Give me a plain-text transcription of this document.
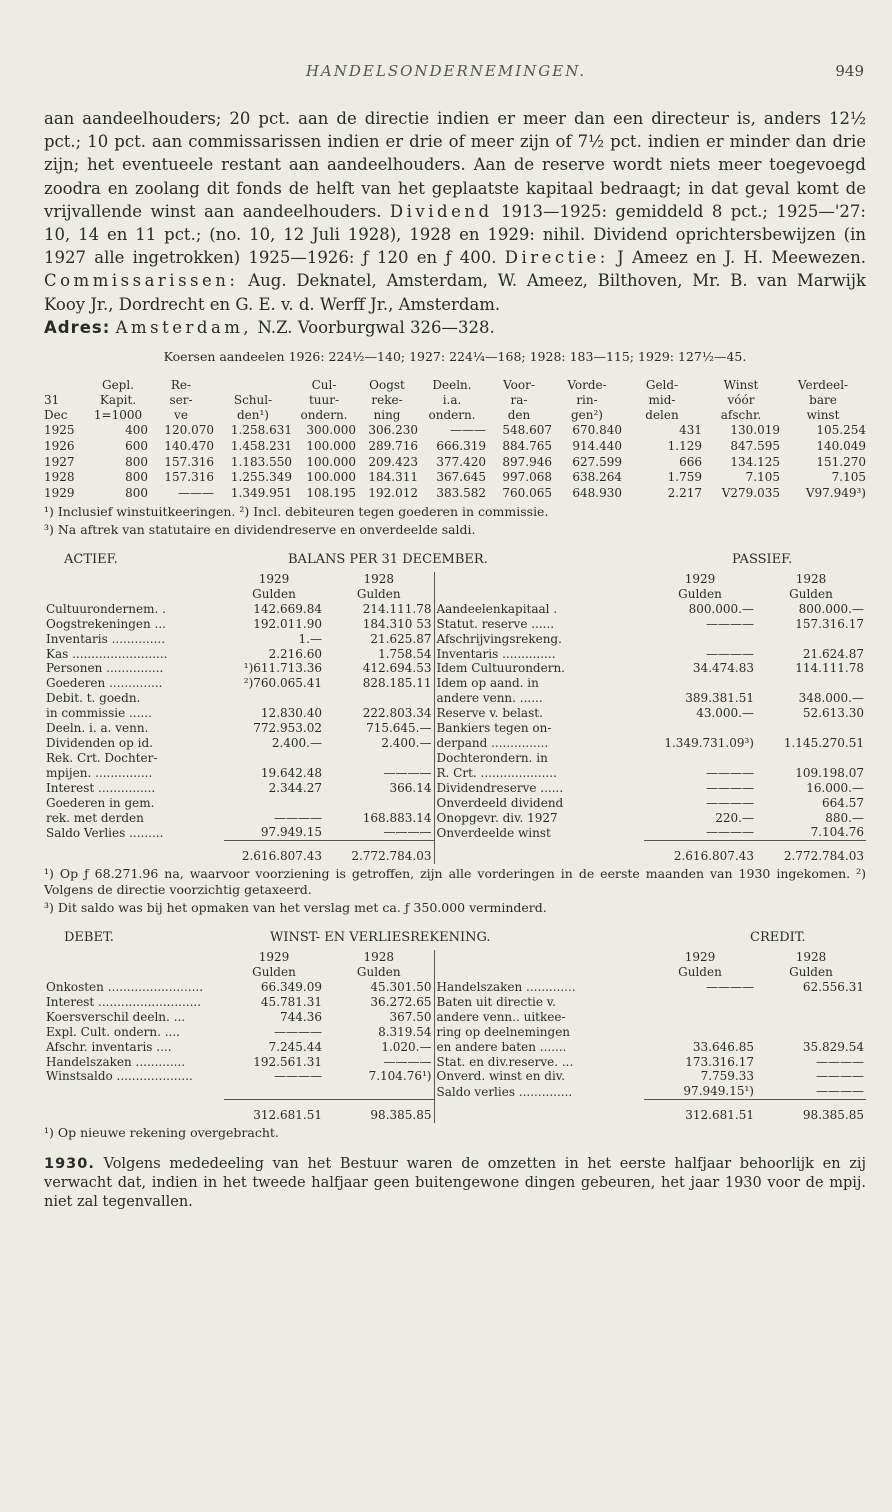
HANDELSONDERNEMINGEN.	949

aan aandeelhouders; 20 pct. aan de directie indien er meer dan een directeur is, anders 12½ pct.; 10 pct. aan commissarissen indien er drie of meer zijn of 7½ pct. indien er minder dan drie zijn; het eventueele restant aan aandeelhouders. Aan de reserve wordt niets meer toegevoegd zoodra en zoolang dit fonds de helft van het geplaatste kapitaal bedraagt; in dat geval komt de vrijvallende winst aan aandeelhouders. Dividend 1913—1925: gemiddeld 8 pct.; 1925—'27: 10, 14 en 11 pct.; (no. 10, 12 Juli 1928), 1928 en 1929: nihil. Dividend oprichtersbewijzen (in 1927 alle ingetrokken) 1925—1926: ƒ 120 en ƒ 400. Directie: J Ameez en J. H. Meewezen. Commissarissen: Aug. Deknatel, Amsterdam, W. Ameez, Bilthoven, Mr. B. van Marwijk Kooy Jr., Dordrecht en G. E. v. d. Werff Jr., Amsterdam.
Adres: Amsterdam, N.Z. Voorburgwal 326—328.

Koersen aandeelen 1926: 224½—140; 1927: 224¼—168; 1928: 183—115; 1929: 127½—45.

	Gepl.	Re-		Cul-	Oogst	Deeln.	Voor-	Vorde-	Geld-	Winst	Verdeel-
31	Kapit.	ser-	Schul-	tuur-	reke-	i.a.	ra-	rin-	mid-	vóór	bare
Dec	1=1000	ve	den¹)	ondern.	ning	ondern.	den	gen²)	delen	afschr.	winst
1925	400	120.070	1.258.631	300.000	306.230	———	548.607	670.840	431	130.019	105.254
1926	600	140.470	1.458.231	100.000	289.716	666.319	884.765	914.440	1.129	847.595	140.049
1927	800	157.316	1.183.550	100.000	209.423	377.420	897.946	627.599	666	134.125	151.270
1928	800	157.316	1.255.349	100.000	184.311	367.645	997.068	638.264	1.759	7.105	7.105
1929	800	———	1.349.951	108.195	192.012	383.582	760.065	648.930	2.217	V279.035	V97.949³)

¹) Inclusief winstuitkeeringen. ²) Incl. debiteuren tegen goederen in commissie.

³) Na aftrek van statutaire en dividendreserve en onverdeelde saldi.

ACTIEF.	BALANS PER 31 DECEMBER.	PASSIEF.
	1929	1928		1929	1928
	Gulden	Gulden		Gulden	Gulden
Cultuurondernem. .	142.669.84	214.111.78	Aandeelenkapitaal .	800.000.—	800.000.—
Oogstrekeningen ...	192.011.90	184.310 53	Statut. reserve ......	————	157.316.17
Inventaris ..............	1.—	21.625.87	Afschrijvingsrekeng.		
Kas .........................	2.216.60	1.758.54	Inventaris ..............	————	21.624.87
Personen ...............	¹)611.713.36	412.694.53	Idem Cultuurondern.	34.474.83	114.111.78
Goederen ..............	²)760.065.41	828.185.11	Idem op aand. in		
Debit. t. goedn.			andere venn. ......	389.381.51	348.000.—
in commissie ......	12.830.40	222.803.34	Reserve v. belast.	43.000.—	52.613.30
Deeln. i. a. venn.	772.953.02	715.645.—	Bankiers tegen on-		
Dividenden op id.	2.400.—	2.400.—	derpand ...............	1.349.731.09³)	1.145.270.51
Rek. Crt. Dochter-			Dochterondern. in		
mpijen. ...............	19.642.48	————	R. Crt. ....................	————	109.198.07
Interest ...............	2.344.27	366.14	Dividendreserve ......	————	16.000.—
Goederen in gem.			Onverdeeld dividend	————	664.57
rek. met derden	————	168.883.14	Onopgevr. div. 1927	220.—	880.—
Saldo Verlies .........	97.949.15	————	Onverdeelde winst	————	7.104.76
	2.616.807.43	2.772.784.03		2.616.807.43	2.772.784.03

¹) Op ƒ 68.271.96 na, waarvoor voorziening is getroffen, zijn alle vorderingen in de eerste maanden van 1930 ingekomen. ²) Volgens de directie voorzichtig getaxeerd.

³) Dit saldo was bij het opmaken van het verslag met ca. ƒ 350.000 verminderd.

DEBET.	WINST- EN VERLIESREKENING.	CREDIT.
	1929	1928		1929	1928
	Gulden	Gulden		Gulden	Gulden
Onkosten .........................	66.349.09	45.301.50	Handelszaken .............	————	62.556.31
Interest ...........................	45.781.31	36.272.65	Baten uit directie v.		
Koersverschil deeln. ...	744.36	367.50	andere venn.. uitkee-		
Expl. Cult. ondern. ....	————	8.319.54	ring op deelnemingen		
Afschr. inventaris ....	7.245.44	1.020.—	en andere baten .......	33.646.85	35.829.54
Handelszaken .............	192.561.31	————	Stat. en div.reserve. ...	173.316.17	————
Winstsaldo ....................	————	7.104.76¹)	Onverd. winst en div.	7.759.33	————
			Saldo verlies ..............	97.949.15¹)	————
	312.681.51	98.385.85		312.681.51	98.385.85

¹) Op nieuwe rekening overgebracht.

1930. Volgens mededeeling van het Bestuur waren de omzetten in het eerste halfjaar behoorlijk en zij verwacht dat, indien in het tweede halfjaar geen buitengewone dingen gebeuren, het jaar 1930 voor de mpij. niet zal tegenvallen.
